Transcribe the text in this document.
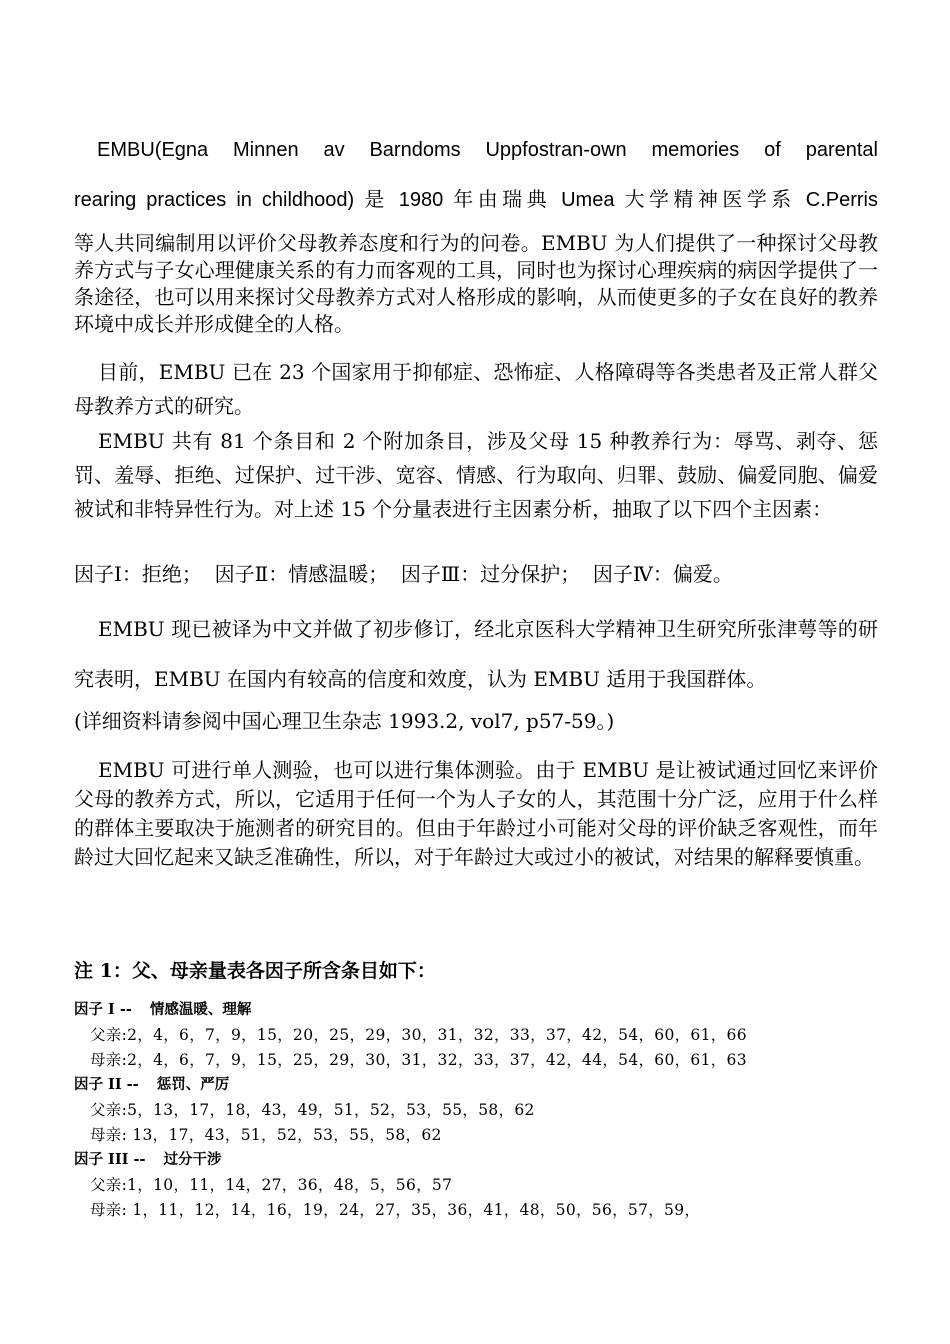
EMBU(Egna Minnen av Barndoms Uppfostran-own memories of parental
rearing practices in childhood) 是 1980 年由瑞典 Umea 大学精神医学系 C.Perris

等人共同编制用以评价父母教养态度和行为的问卷。EMBU 为人们提供了一种探讨父母教养方式与子女心理健康关系的有力而客观的工具，同时也为探讨心理疾病的病因学提供了一条途径，也可以用来探讨父母教养方式对人格形成的影响，从而使更多的子女在良好的教养环境中成长并形成健全的人格。

目前，EMBU 已在 23 个国家用于抑郁症、恐怖症、人格障碍等各类患者及正常人群父母教养方式的研究。

EMBU 共有 81 个条目和 2 个附加条目，涉及父母 15 种教养行为：辱骂、剥夺、惩罚、羞辱、拒绝、过保护、过干涉、宽容、情感、行为取向、归罪、鼓励、偏爱同胞、偏爱被试和非特异性行为。对上述 15 个分量表进行主因素分析，抽取了以下四个主因素：

因子Ⅰ：拒绝；  因子Ⅱ：情感温暖；  因子Ⅲ：过分保护；  因子Ⅳ：偏爱。

EMBU 现已被译为中文并做了初步修订，经北京医科大学精神卫生研究所张津萼等的研究表明，EMBU 在国内有较高的信度和效度，认为 EMBU 适用于我国群体。

(详细资料请参阅中国心理卫生杂志 1993.2, vol7, p57-59。)

EMBU 可进行单人测验，也可以进行集体测验。由于 EMBU 是让被试通过回忆来评价父母的教养方式，所以，它适用于任何一个为人子女的人，其范围十分广泛，应用于什么样的群体主要取决于施测者的研究目的。但由于年龄过小可能对父母的评价缺乏客观性，而年龄过大回忆起来又缺乏准确性，所以，对于年龄过大或过小的被试，对结果的解释要慎重。

注 1：父、母亲量表各因子所含条目如下：
因子 I -- 情感温暖、理解
父亲:2，4，6，7，9，15，20，25，29，30，31，32，33，37，42，54，60，61，66
母亲:2，4，6，7，9，15，25，29，30，31，32，33，37，42，44，54，60，61，63
因子 II -- 惩罚、严厉
父亲:5，13，17，18，43，49，51，52，53，55，58，62
母亲: 13，17，43，51，52，53，55，58，62
因子 III -- 过分干涉
父亲:1，10，11，14，27，36，48，5，56，57
母亲: 1，11，12，14，16，19，24，27，35，36，41，48，50，56，57，59，
